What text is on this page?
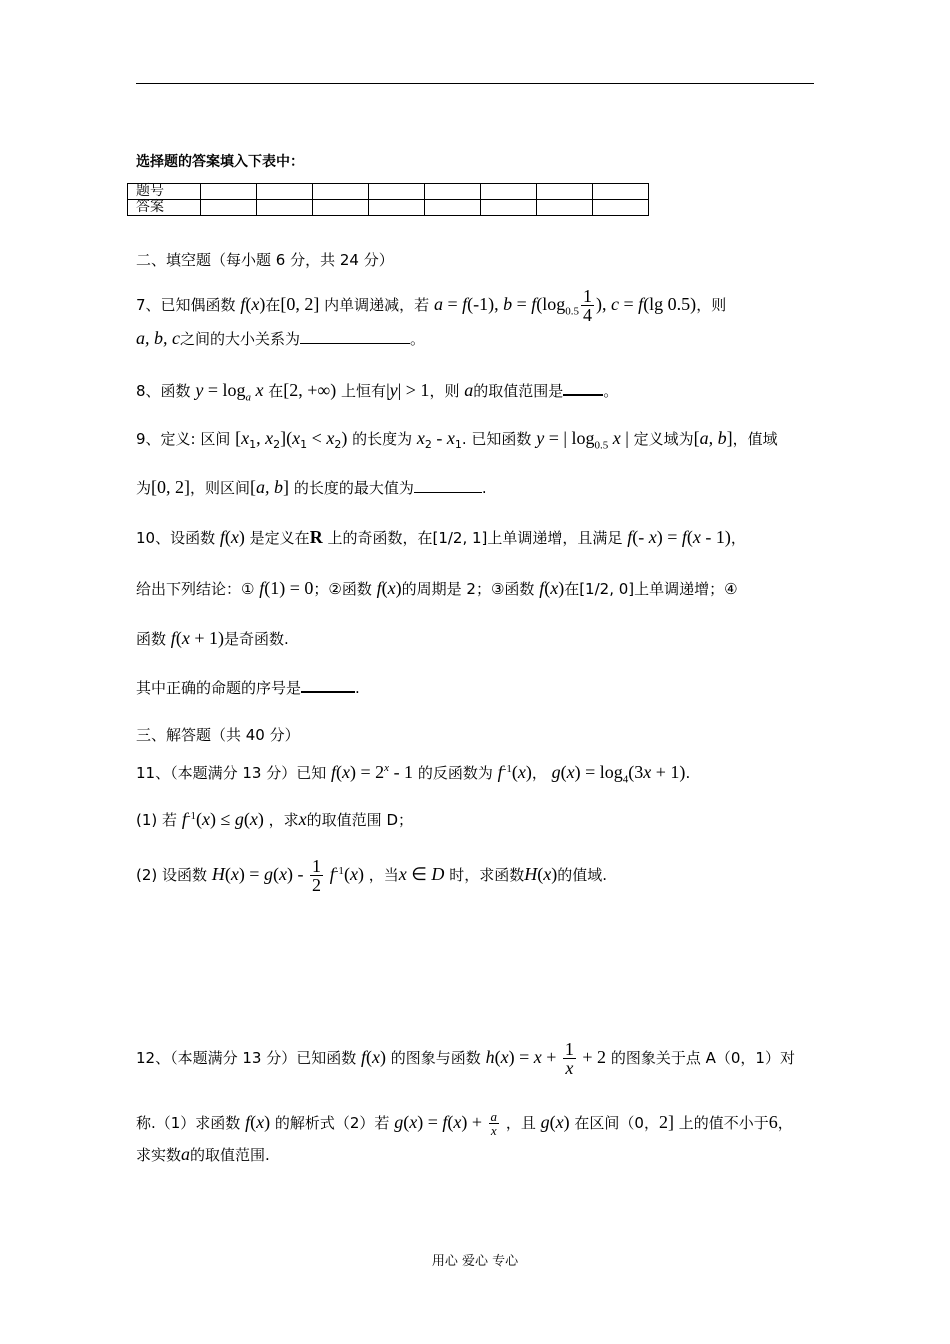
选择题的答案填入下表中：
题号								
答案								
二、填空题（每小题 6 分，共 24 分）
7、已知偶函数 f(x)在[0, 2] 内单调递减，若 a = f(-1), $b = f(\log_{0.5} \frac{1}{4}$ ), c = f(lg 0.5)，则
a, b, c之间的大小关系为	。
8、函数 $y = \log_a x$ 在[2, +∞) 上恒有|y| > 1，则 a的取值范围是	。
9、定义: 区间 [$x_1$, $x_2](x_1 < x_2)$ 的长度为 $x_2 - x_1$. 已知函数 y = | $\log_{0.5} x$ | 定义域为[a, b]，值域
为[0, 2]，则区间[a, b] 的长度的最大值为	.
10、设函数 f(x) 是定义在R 上的奇函数，在[1/2, 1]上单调递增，且满足 f(- x) = f(x - 1)，
给出下列结论：① f(1) = 0；②函数 f(x)的周期是 2；③函数 f(x)在[1/2, 0]上单调递增；④
函数 f(x + 1)是奇函数.
其中正确的命题的序号是	.
三、解答题（共 40 分）
11、（本题满分 13 分）已知 $f(x) = 2^x - 1$ 的反函数为 $f^{-1}(x)$， $g(x) = \log_4(3x + 1)$.
(1) 若 $f^{-1}(x) \le g(x)$ ，求x的取值范围 D；
(2) 设函数 $H(x) = g(x) - \frac{1}{2} f^{-1}(x)$ ，当x ∈ D 时，求函数H(x)的值域.
12、（本题满分 13 分）已知函数 f(x) 的图象与函数 $h(x) = x + \frac{1}{x} + 2$ 的图象关于点 A（0，1）对
称.（1）求函数 f(x) 的解析式（2）若 $g(x) = f(x) + \frac{a}{x}$ ，且 g(x) 在区间（0，2] 上的值不小于6，
求实数a的取值范围.
用心 爱心 专心
